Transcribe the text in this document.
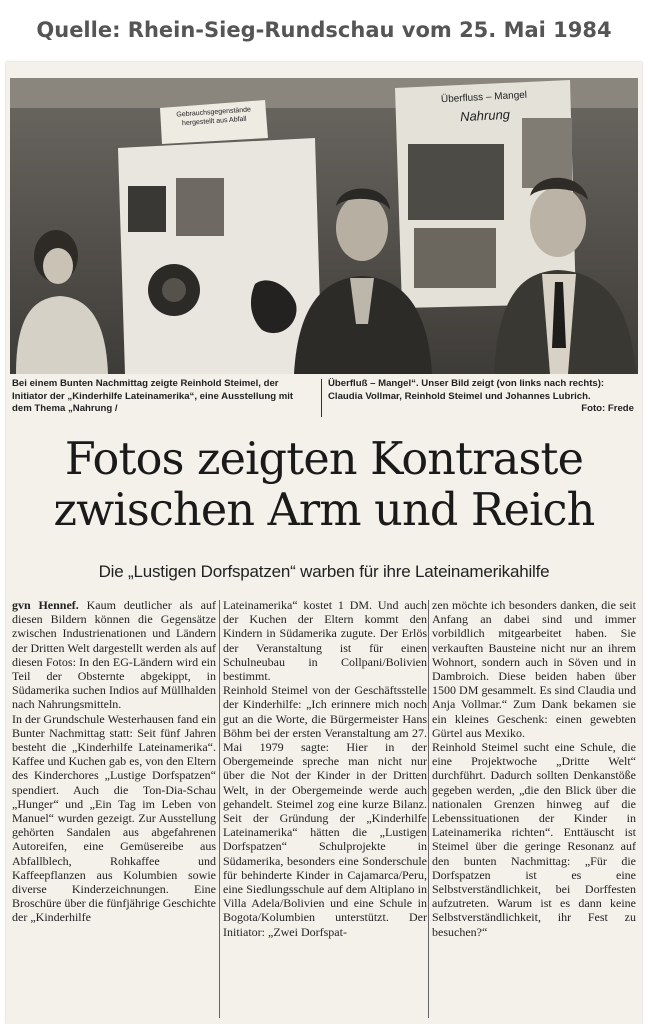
Quelle: Rhein-Sieg-Rundschau vom 25. Mai 1984
Gebrauchsgegenstände hergestellt aus Abfall
Überfluss – Mangel
Nahrung
Bei einem Bunten Nachmittag zeigte Reinhold Steimel, der Initiator der „Kinderhilfe Lateinamerika“, eine Ausstellung mit dem Thema „Nahrung /
Überfluß – Mangel“. Unser Bild zeigt (von links nach rechts): Claudia Vollmar, Reinhold Steimel und Johannes Lubrich.
Foto: Frede
Fotos zeigten Kontraste
zwischen Arm und Reich
Die „Lustigen Dorfspatzen“ warben für ihre Lateinamerikahilfe
gvn Hennef. Kaum deutlicher als auf diesen Bildern können die Gegensätze zwischen Industrienationen und Ländern der Dritten Welt dargestellt werden als auf diesen Fotos: In den EG-Ländern wird ein Teil der Obsternte abgekippt, in Südamerika suchen Indios auf Müllhalden nach Nahrungsmitteln.
In der Grundschule Westerhausen fand ein Bunter Nachmittag statt: Seit fünf Jahren besteht die „Kinderhilfe Lateinamerika“. Kaffee und Kuchen gab es, von den Eltern des Kinderchores „Lustige Dorfspatzen“ spendiert. Auch die Ton-Dia-Schau „Hunger“ und „Ein Tag im Leben von Manuel“ wurden gezeigt. Zur Ausstellung gehörten Sandalen aus abgefahrenen Autoreifen, eine Gemüsereibe aus Abfallblech, Rohkaffee und Kaffeepflanzen aus Kolumbien sowie diverse Kinderzeichnungen. Eine Broschüre über die fünfjährige Geschichte der „Kinderhilfe
Lateinamerika“ kostet 1 DM. Und auch der Kuchen der Eltern kommt den Kindern in Südamerika zugute. Der Erlös der Veranstaltung ist für einen Schulneubau in Collpani/Bolivien bestimmt.
Reinhold Steimel von der Geschäftsstelle der Kinderhilfe: „Ich erinnere mich noch gut an die Worte, die Bürgermeister Hans Böhm bei der ersten Veranstaltung am 27. Mai 1979 sagte: Hier in der Obergemeinde spreche man nicht nur über die Not der Kinder in der Dritten Welt, in der Obergemeinde werde auch gehandelt. Steimel zog eine kurze Bilanz. Seit der Gründung der „Kinderhilfe Lateinamerika“ hätten die „Lustigen Dorfspatzen“ Schulprojekte in Südamerika, besonders eine Sonderschule für behinderte Kinder in Cajamarca/Peru, eine Siedlungsschule auf dem Altiplano in Villa Adela/Bolivien und eine Schule in Bogota/Kolumbien unterstützt. Der Initiator: „Zwei Dorfspat-
zen möchte ich besonders danken, die seit Anfang an dabei sind und immer vorbildlich mitgearbeitet haben. Sie verkauften Bausteine nicht nur an ihrem Wohnort, sondern auch in Söven und in Dambroich. Diese beiden haben über 1500 DM gesammelt. Es sind Claudia und Anja Vollmar.“ Zum Dank bekamen sie ein kleines Geschenk: einen gewebten Gürtel aus Mexiko.
Reinhold Steimel sucht eine Schule, die eine Projektwoche „Dritte Welt“ durchführt. Dadurch sollten Denkanstöße gegeben werden, „die den Blick über die nationalen Grenzen hinweg auf die Lebenssituationen der Kinder in Lateinamerika richten“. Enttäuscht ist Steimel über die geringe Resonanz auf den bunten Nachmittag: „Für die Dorfspatzen ist es eine Selbstverständlichkeit, bei Dorffesten aufzutreten. Warum ist es dann keine Selbstverständlichkeit, ihr Fest zu besuchen?“
